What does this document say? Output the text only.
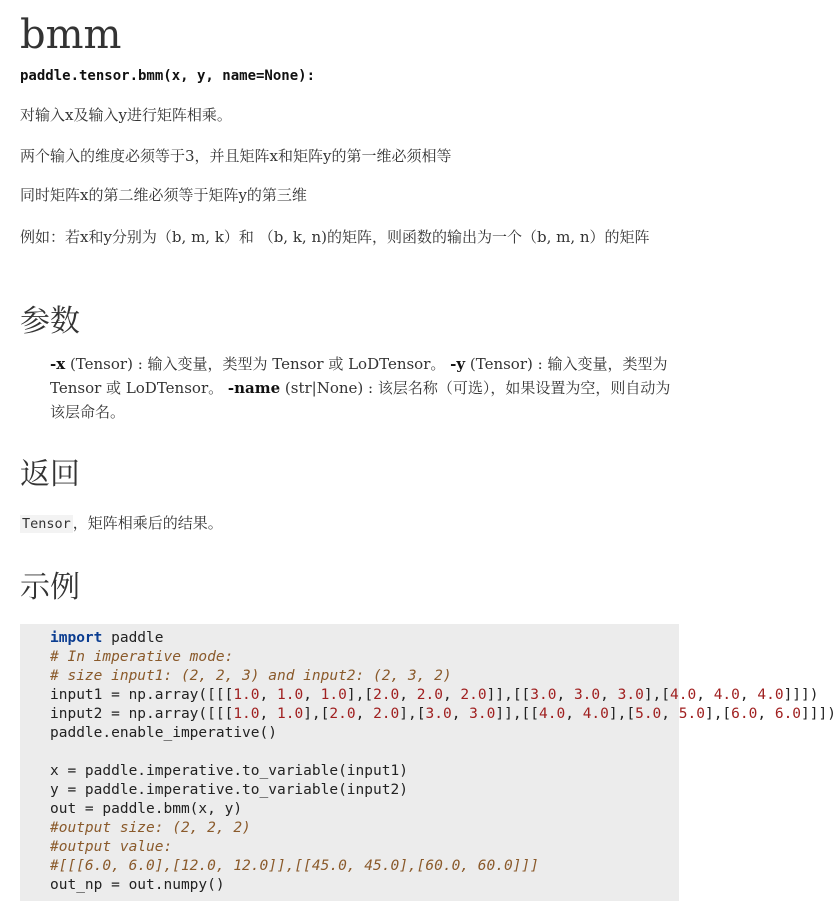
bmm
paddle.tensor.bmm(x, y, name=None):
对输入x及输入y进行矩阵相乘。
两个输入的维度必须等于3，并且矩阵x和矩阵y的第一维必须相等
同时矩阵x的第二维必须等于矩阵y的第三维
例如：若x和y分别为（b, m, k）和 （b, k, n)的矩阵，则函数的输出为一个（b, m, n）的矩阵
参数
-x (Tensor) : 输入变量，类型为 Tensor 或 LoDTensor。 -y (Tensor) : 输入变量，类型为 Tensor 或 LoDTensor。 -name (str|None) : 该层名称（可选），如果设置为空，则自动为该层命名。
返回
Tensor ，矩阵相乘后的结果。
示例
import paddle
# In imperative mode:
# size input1: (2, 2, 3) and input2: (2, 3, 2)
input1 = np.array([[[1.0, 1.0, 1.0],[2.0, 2.0, 2.0]],[[3.0, 3.0, 3.0],[4.0, 4.0, 4.0]]])
input2 = np.array([[[1.0, 1.0],[2.0, 2.0],[3.0, 3.0]],[[4.0, 4.0],[5.0, 5.0],[6.0, 6.0]]])
paddle.enable_imperative()

x = paddle.imperative.to_variable(input1)
y = paddle.imperative.to_variable(input2)
out = paddle.bmm(x, y)
#output size: (2, 2, 2)
#output value:
#[[[6.0, 6.0],[12.0, 12.0]],[[45.0, 45.0],[60.0, 60.0]]]
out_np = out.numpy()
